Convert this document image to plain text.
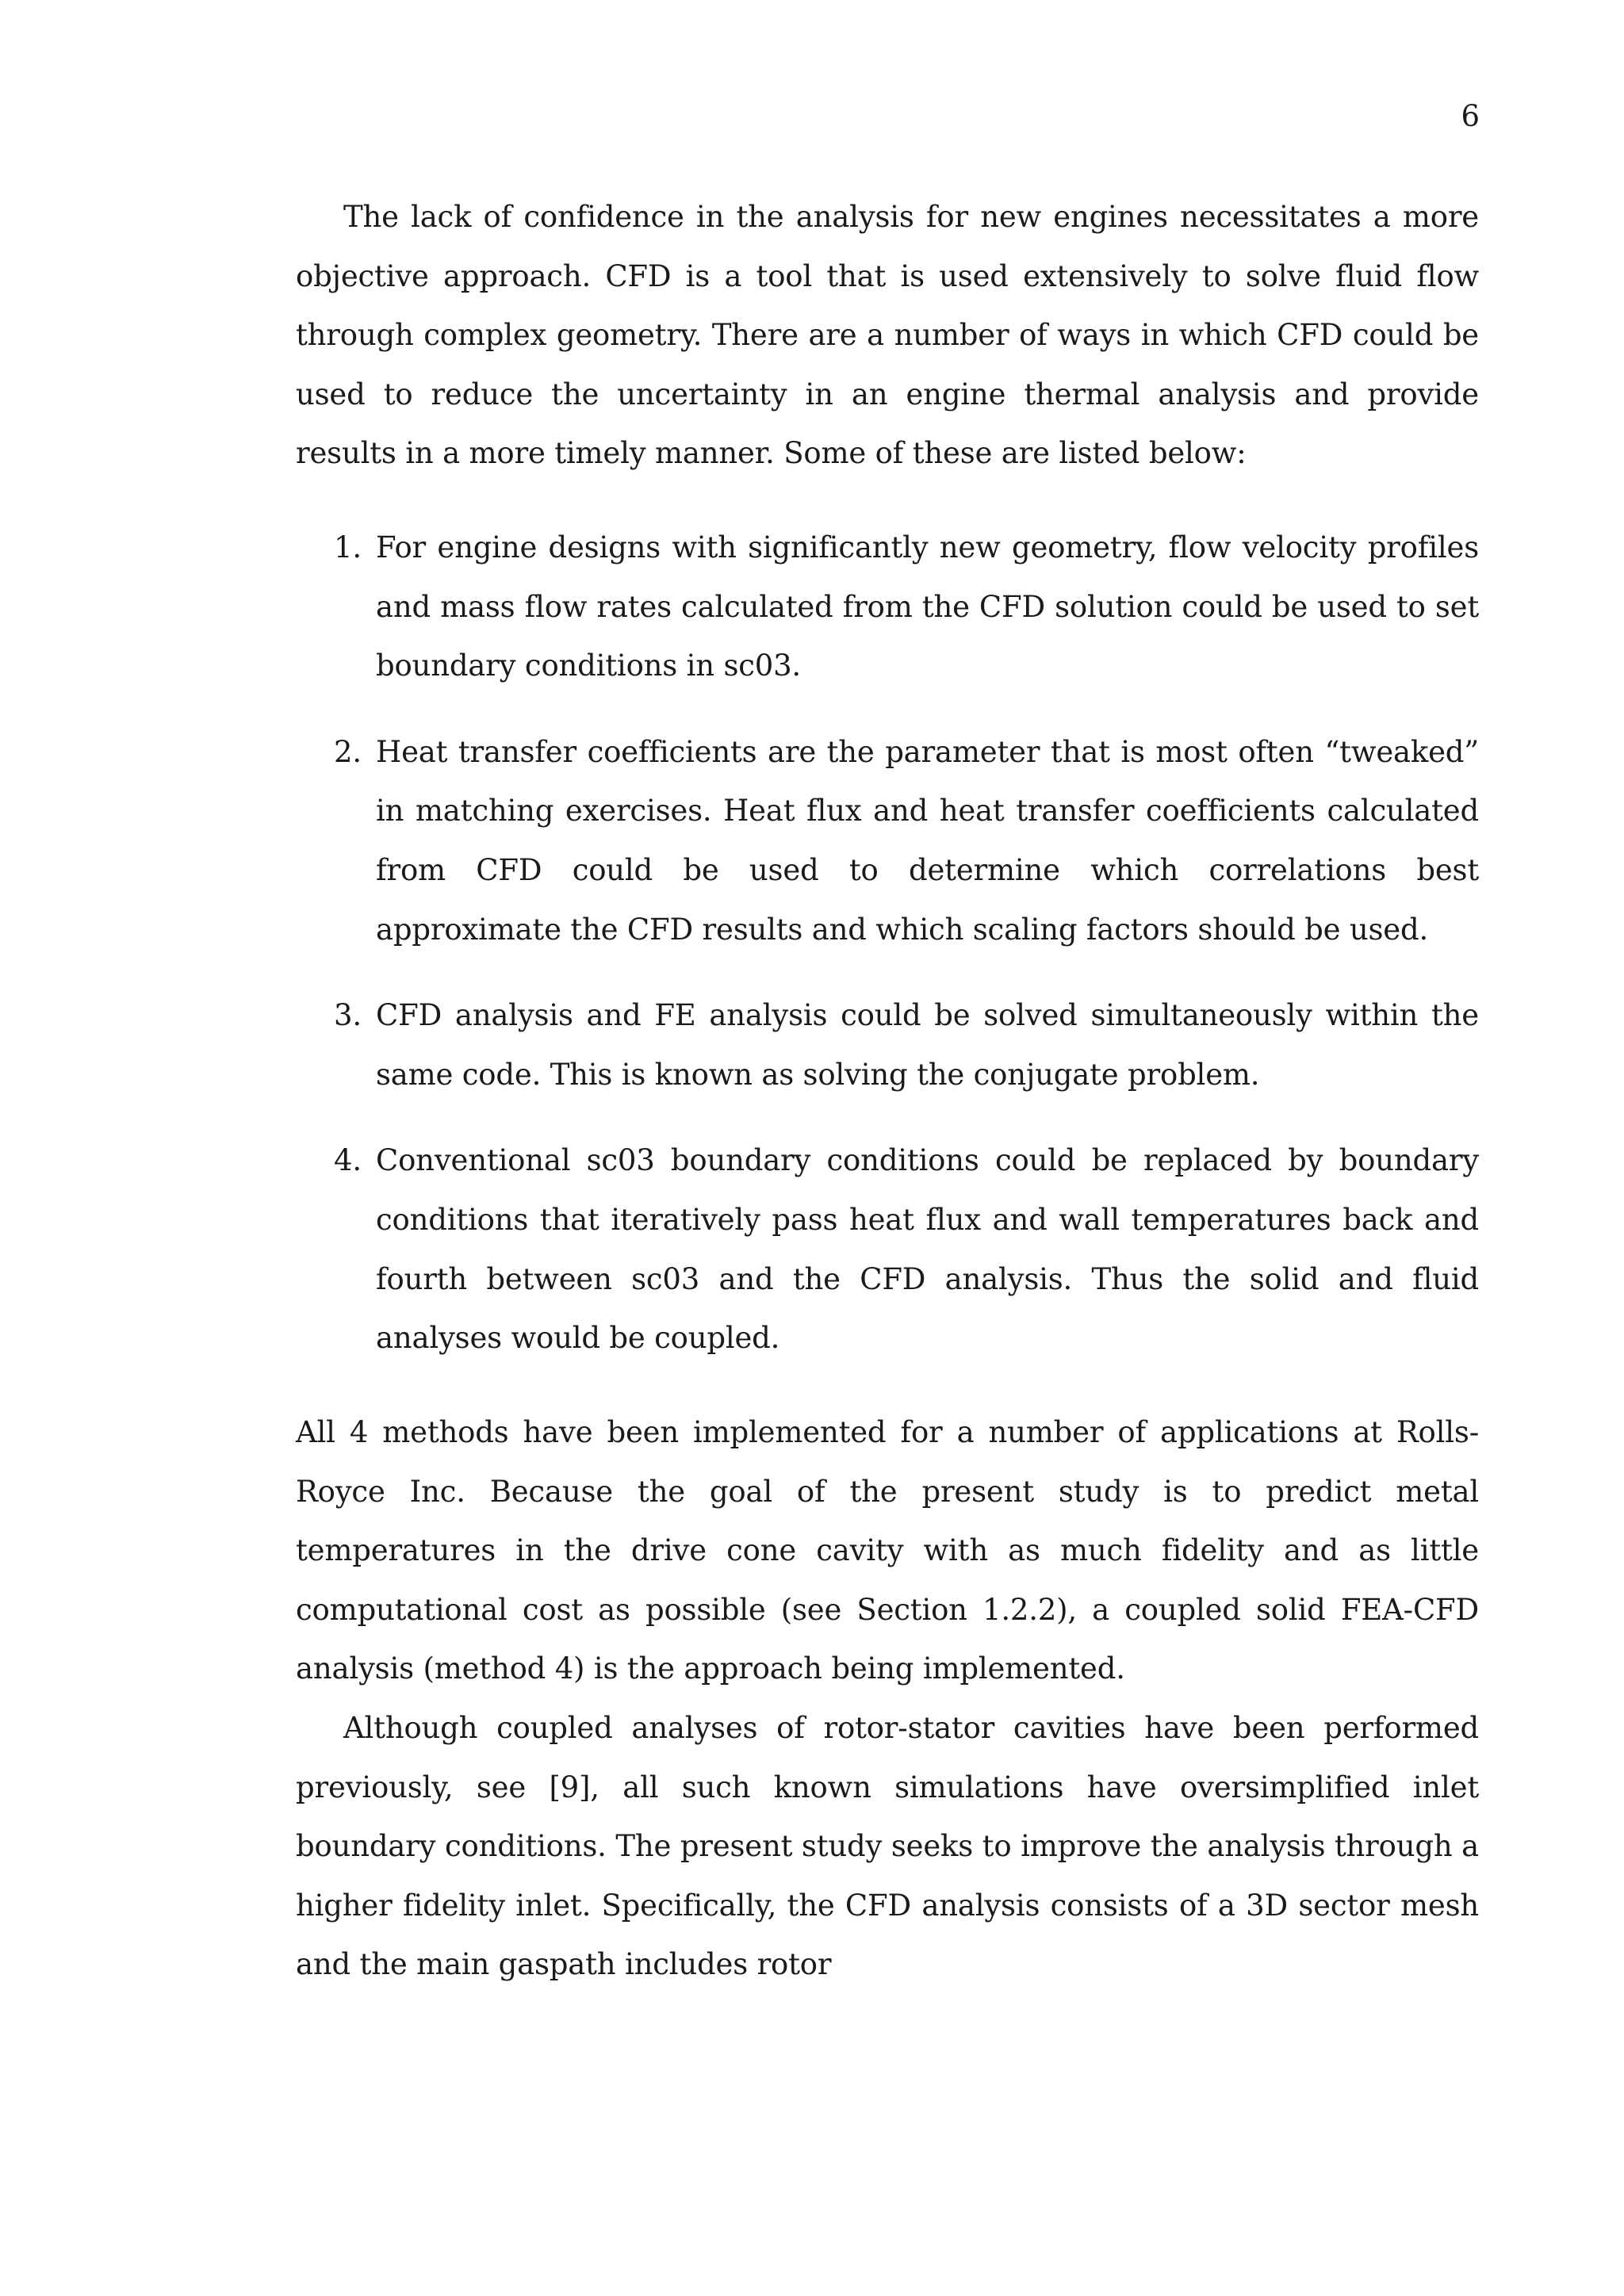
6

The lack of confidence in the analysis for new engines necessitates a more objective approach. CFD is a tool that is used extensively to solve fluid flow through complex geometry. There are a number of ways in which CFD could be used to reduce the uncertainty in an engine thermal analysis and provide results in a more timely manner. Some of these are listed below:

1. For engine designs with significantly new geometry, flow velocity profiles and mass flow rates calculated from the CFD solution could be used to set boundary conditions in sc03.
2. Heat transfer coefficients are the parameter that is most often “tweaked” in matching exercises. Heat flux and heat transfer coefficients calculated from CFD could be used to determine which correlations best approximate the CFD results and which scaling factors should be used.
3. CFD analysis and FE analysis could be solved simultaneously within the same code. This is known as solving the conjugate problem.
4. Conventional sc03 boundary conditions could be replaced by boundary conditions that iteratively pass heat flux and wall temperatures back and fourth between sc03 and the CFD analysis. Thus the solid and fluid analyses would be coupled.

All 4 methods have been implemented for a number of applications at Rolls-Royce Inc. Because the goal of the present study is to predict metal temperatures in the drive cone cavity with as much fidelity and as little computational cost as possible (see Section 1.2.2), a coupled solid FEA-CFD analysis (method 4) is the approach being implemented.

Although coupled analyses of rotor-stator cavities have been performed previously, see [9], all such known simulations have oversimplified inlet boundary conditions. The present study seeks to improve the analysis through a higher fidelity inlet. Specifically, the CFD analysis consists of a 3D sector mesh and the main gaspath includes rotor
